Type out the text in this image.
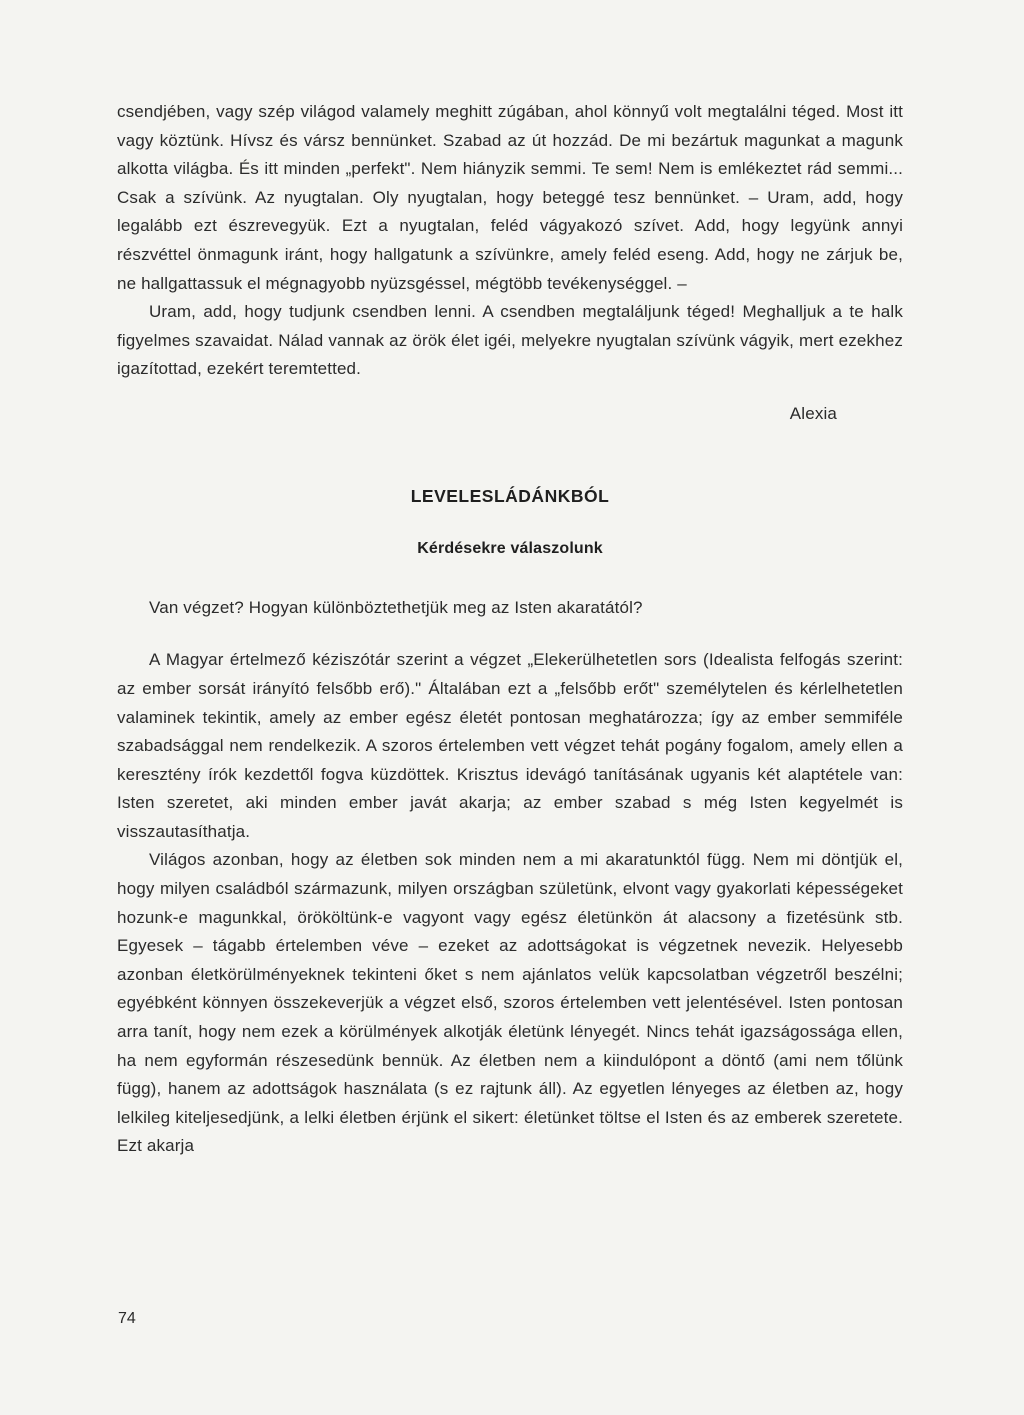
csendjében, vagy szép világod valamely meghitt zúgában, ahol könnyű volt megtalálni téged. Most itt vagy köztünk. Hívsz és vársz bennünket. Szabad az út hozzád. De mi bezártuk magunkat a magunk alkotta világba. És itt minden „perfekt". Nem hiányzik semmi. Te sem! Nem is emlékeztet rád semmi... Csak a szívünk. Az nyugtalan. Oly nyugtalan, hogy beteggé tesz bennünket. – Uram, add, hogy legalább ezt észrevegyük. Ezt a nyugtalan, feléd vágyakozó szívet. Add, hogy legyünk annyi részvéttel önmagunk iránt, hogy hallgatunk a szívünkre, amely feléd eseng. Add, hogy ne zárjuk be, ne hallgattassuk el mégnagyobb nyüzsgéssel, mégtöbb tevékenységgel. –

Uram, add, hogy tudjunk csendben lenni. A csendben megtaláljunk téged! Meghalljuk a te halk figyelmes szavaidat. Nálad vannak az örök élet igéi, melyekre nyugtalan szívünk vágyik, mert ezekhez igazítottad, ezekért teremtetted.

Alexia
LEVELESLÁDÁNKBÓL
Kérdésekre válaszolunk

Van végzet? Hogyan különböztethetjük meg az Isten akaratától?

A Magyar értelmező kéziszótár szerint a végzet „Elekerülhetetlen sors (Idealista felfogás szerint: az ember sorsát irányító felsőbb erő)." Általában ezt a „felsőbb erőt" személytelen és kérlelhetetlen valaminek tekintik, amely az ember egész életét pontosan meghatározza; így az ember semmiféle szabadsággal nem rendelkezik. A szoros értelemben vett végzet tehát pogány fogalom, amely ellen a keresztény írók kezdettől fogva küzdöttek. Krisztus idevágó tanításának ugyanis két alaptétele van: Isten szeretet, aki minden ember javát akarja; az ember szabad s még Isten kegyelmét is visszautasíthatja.

Világos azonban, hogy az életben sok minden nem a mi akaratunktól függ. Nem mi döntjük el, hogy milyen családból származunk, milyen országban születünk, elvont vagy gyakorlati képességeket hozunk-e magunkkal, örököltünk-e vagyont vagy egész életünkön át alacsony a fizetésünk stb. Egyesek – tágabb értelemben véve – ezeket az adottságokat is végzetnek nevezik. Helyesebb azonban életkörülményeknek tekinteni őket s nem ajánlatos velük kapcsolatban végzetről beszélni; egyébként könnyen összekeverjük a végzet első, szoros értelemben vett jelentésével. Isten pontosan arra tanít, hogy nem ezek a körülmények alkotják életünk lényegét. Nincs tehát igazságossága ellen, ha nem egyformán részesedünk bennük. Az életben nem a kiindulópont a döntő (ami nem tőlünk függ), hanem az adottságok használata (s ez rajtunk áll). Az egyetlen lényeges az életben az, hogy lelkileg kiteljesedjünk, a lelki életben érjünk el sikert: életünket töltse el Isten és az emberek szeretete. Ezt akarja

74
